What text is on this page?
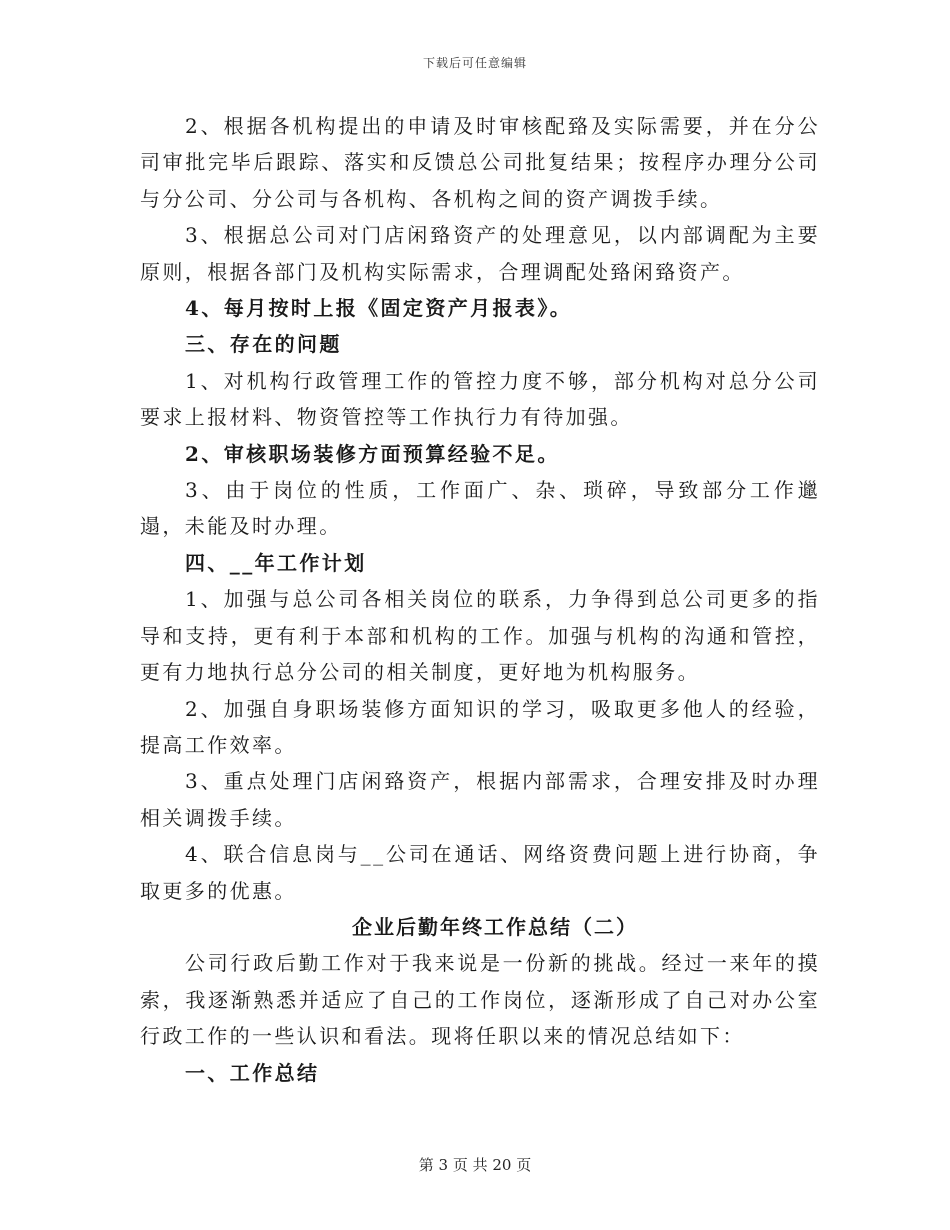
下载后可任意编辑

2、根据各机构提出的申请及时审核配臵及实际需要，并在分公司审批完毕后跟踪、落实和反馈总公司批复结果；按程序办理分公司与分公司、分公司与各机构、各机构之间的资产调拨手续。

3、根据总公司对门店闲臵资产的处理意见，以内部调配为主要原则，根据各部门及机构实际需求，合理调配处臵闲臵资产。

4、每月按时上报《固定资产月报表》。

三、存在的问题

1、对机构行政管理工作的管控力度不够，部分机构对总分公司要求上报材料、物资管控等工作执行力有待加强。

2、审核职场装修方面预算经验不足。

3、由于岗位的性质，工作面广、杂、琐碎，导致部分工作邋遢，未能及时办理。

四、__年工作计划

1、加强与总公司各相关岗位的联系，力争得到总公司更多的指导和支持，更有利于本部和机构的工作。加强与机构的沟通和管控，更有力地执行总分公司的相关制度，更好地为机构服务。

2、加强自身职场装修方面知识的学习，吸取更多他人的经验，提高工作效率。

3、重点处理门店闲臵资产，根据内部需求，合理安排及时办理相关调拨手续。

4、联合信息岗与__公司在通话、网络资费问题上进行协商，争取更多的优惠。

企业后勤年终工作总结（二）

公司行政后勤工作对于我来说是一份新的挑战。经过一来年的摸索，我逐渐熟悉并适应了自己的工作岗位，逐渐形成了自己对办公室行政工作的一些认识和看法。现将任职以来的情况总结如下：

一、工作总结

第 3 页 共 20 页
